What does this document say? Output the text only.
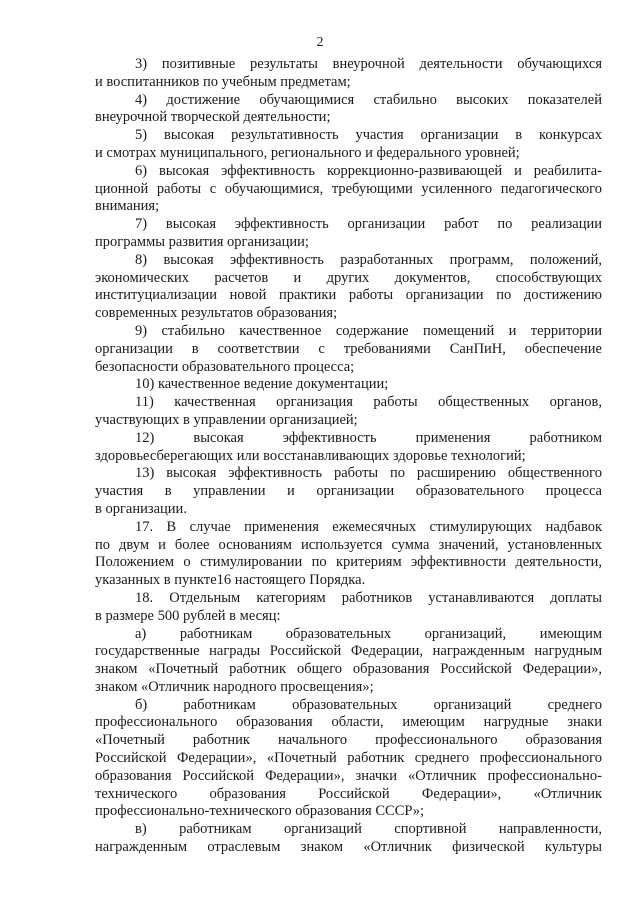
2
3) позитивные результаты внеурочной деятельности обучающихся
и воспитанников по учебным предметам;
4) достижение обучающимися стабильно высоких показателей
внеурочной творческой деятельности;
5) высокая результативность участия организации в конкурсах
и смотрах муниципального, регионального и федерального уровней;
6) высокая эффективность коррекционно-развивающей и реабилита-
ционной работы с обучающимися, требующими усиленного педагогического
внимания;
7) высокая эффективность организации работ по реализации
программы развития организации;
8) высокая эффективность разработанных программ, положений,
экономических расчетов и других документов, способствующих
институциализации новой практики работы организации по достижению
современных результатов образования;
9) стабильно качественное содержание помещений и территории
организации в соответствии с требованиями СанПиН, обеспечение
безопасности образовательного процесса;
10) качественное ведение документации;
11) качественная организация работы общественных органов,
участвующих в управлении организацией;
12) высокая эффективность применения работником
здоровьесберегающих или восстанавливающих здоровье технологий;
13) высокая эффективность работы по расширению общественного
участия в управлении и организации образовательного процесса
в организации.
17. В случае применения ежемесячных стимулирующих надбавок
по двум и более основаниям используется сумма значений, установленных
Положением о стимулировании по критериям эффективности деятельности,
указанных в пункте16 настоящего Порядка.
18. Отдельным категориям работников устанавливаются доплаты
в размере 500 рублей в месяц:
а) работникам образовательных организаций, имеющим
государственные награды Российской Федерации, награжденным нагрудным
знаком «Почетный работник общего образования Российской Федерации»,
знаком «Отличник народного просвещения»;
б) работникам образовательных организаций среднего
профессионального образования области, имеющим нагрудные знаки
«Почетный работник начального профессионального образования
Российской Федерации», «Почетный работник среднего профессионального
образования Российской Федерации», значки «Отличник профессионально-
технического образования Российской Федерации», «Отличник
профессионально-технического образования СССР»;
в) работникам организаций спортивной направленности,
награжденным отраслевым знаком «Отличник физической культуры
